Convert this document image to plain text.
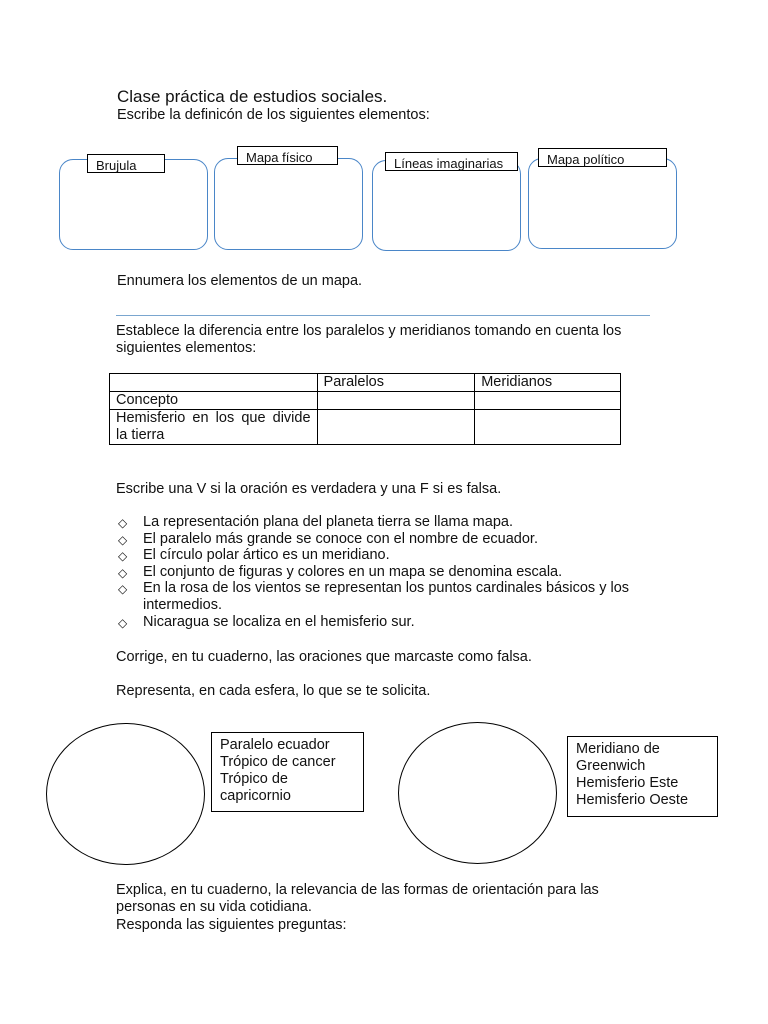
Clase práctica de estudios sociales.
Escribe la definicón de los siguientes elementos:
Brujula
Mapa físico	Líneas imaginarias	Mapa político
Ennumera los elementos de un mapa.
Establece la diferencia entre los paralelos y meridianos tomando en cuenta los siguientes elementos:
	Paralelos	Meridianos
Concepto		
Hemisferio en los que divide la tierra		
Escribe una V si la oración es verdadera y una F si es falsa.
◇ La representación plana del planeta tierra se llama mapa.
◇ El paralelo más grande se conoce con el nombre de ecuador.
◇ El círculo polar ártico es un meridiano.
◇ El conjunto de figuras y colores en un mapa se denomina escala.
◇ En la rosa de los vientos se representan los puntos cardinales básicos y los intermedios.
◇ Nicaragua se localiza en el hemisferio sur.
Corrige, en tu cuaderno, las oraciones que marcaste como falsa.
Representa, en cada esfera, lo que se te solicita.
Paralelo ecuador
Trópico de cancer
Trópico de capricornio
Meridiano de Greenwich
Hemisferio Este
Hemisferio Oeste
Explica, en tu cuaderno, la relevancia de las formas de orientación para las personas en su vida cotidiana.
Responda las siguientes preguntas:
